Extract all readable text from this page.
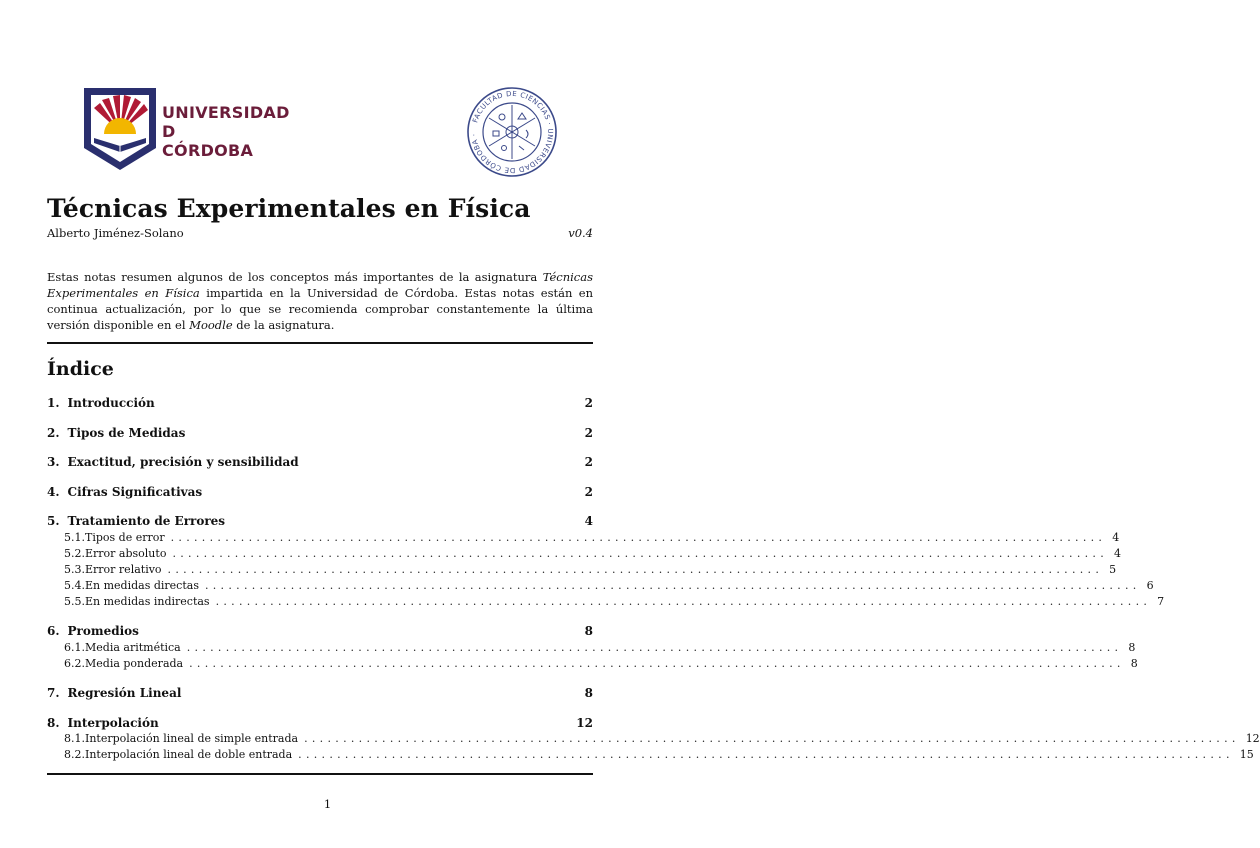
UNIVERSIDAD
D
CÓRDOBA
FACULTAD DE CIENCIAS · UNIVERSIDAD DE CÓRDOBA ·
Técnicas Experimentales en Física
Alberto Jiménez-Solano	v0.4
Estas notas resumen algunos de los conceptos más importantes de la asignatura Técnicas Experimentales en Física impartida en la Universidad de Córdoba. Estas notas están en continua actualización, por lo que se recomienda comprobar constantemente la última versión disponible en el Moodle de la asignatura.
Índice
1. Introducción	2
2. Tipos de Medidas	2
3. Exactitud, precisión y sensibilidad	2
4. Cifras Significativas	2
5. Tratamiento de Errores	4
5.1. Tipos de error ........................................................................................................................ 4
5.2. Error absoluto ........................................................................................................................ 4
5.3. Error relativo ........................................................................................................................ 5
5.4. En medidas directas ........................................................................................................................ 6
5.5. En medidas indirectas ........................................................................................................................ 7
6. Promedios	8
6.1. Media aritmética ........................................................................................................................ 8
6.2. Media ponderada ........................................................................................................................ 8
7. Regresión Lineal	8
8. Interpolación	12
8.1. Interpolación lineal de simple entrada ........................................................................................................................ 12
8.2. Interpolación lineal de doble entrada ........................................................................................................................ 15
1
